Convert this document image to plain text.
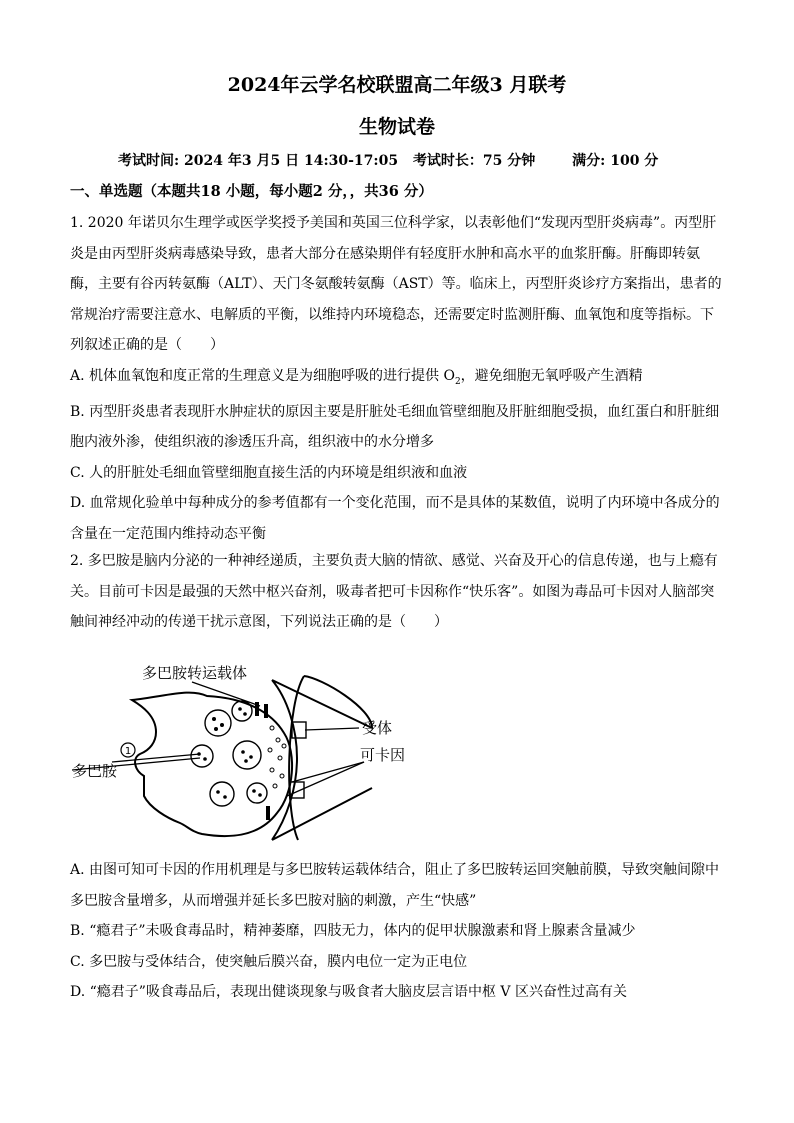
2024年云学名校联盟高二年级3 月联考
生物试卷
考试时间: 2024 年3 月5 日 14:30-17:05 考试时长：75 分钟	满分: 100 分
一、单选题（本题共18 小题，每小题2 分，，共36 分）

1. 2020 年诺贝尔生理学或医学奖授予美国和英国三位科学家，以表彰他们“发现丙型肝炎病毒”。丙型肝炎是由丙型肝炎病毒感染导致，患者大部分在感染期伴有轻度肝水肿和高水平的血浆肝酶。肝酶即转氨酶，主要有谷丙转氨酶（ALT）、天门冬氨酸转氨酶（AST）等。临床上，丙型肝炎诊疗方案指出，患者的常规治疗需要注意水、电解质的平衡，以维持内环境稳态，还需要定时监测肝酶、血氧饱和度等指标。下列叙述正确的是（　　）

A. 机体血氧饱和度正常的生理意义是为细胞呼吸的进行提供 $O_2$，避免细胞无氧呼吸产生酒精

B. 丙型肝炎患者表现肝水肿症状的原因主要是肝脏处毛细血管壁细胞及肝脏细胞受损，血红蛋白和肝脏细胞内液外渗，使组织液的渗透压升高，组织液中的水分增多

C. 人的肝脏处毛细血管壁细胞直接生活的内环境是组织液和血液

D. 血常规化验单中每种成分的参考值都有一个变化范围，而不是具体的某数值，说明了内环境中各成分的含量在一定范围内维持动态平衡

2. 多巴胺是脑内分泌的一种神经递质，主要负责大脑的情欲、感觉、兴奋及开心的信息传递，也与上瘾有关。目前可卡因是最强的天然中枢兴奋剂，吸毒者把可卡因称作“快乐客”。如图为毒品可卡因对人脑部突触间神经冲动的传递干扰示意图，下列说法正确的是（　　）

1
多巴胺转运载体
受体
多巴胺
可卡因

A. 由图可知可卡因的作用机理是与多巴胺转运载体结合，阻止了多巴胺转运回突触前膜，导致突触间隙中多巴胺含量增多，从而增强并延长多巴胺对脑的刺激，产生“快感”

B. “瘾君子”未吸食毒品时，精神萎靡，四肢无力，体内的促甲状腺激素和肾上腺素含量减少

C. 多巴胺与受体结合，使突触后膜兴奋，膜内电位一定为正电位

D. “瘾君子”吸食毒品后，表现出健谈现象与吸食者大脑皮层言语中枢 V 区兴奋性过高有关
